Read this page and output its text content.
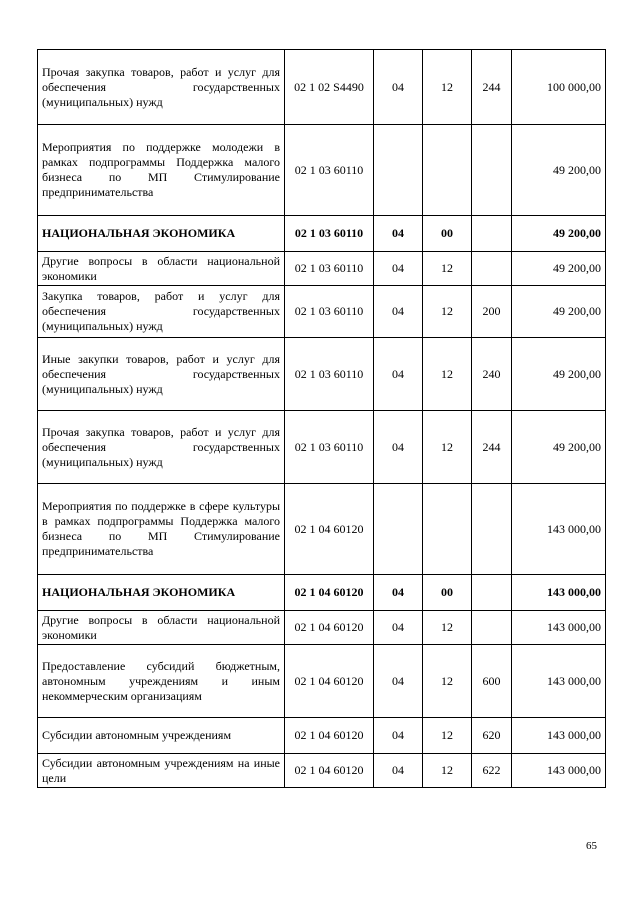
Прочая закупка товаров, работ и услуг для обеспечения государственных (муниципальных) нужд	02 1 02 S4490	04	12	244	100 000,00
Мероприятия по поддержке молодежи в рамках подпрограммы Поддержка малого бизнеса по МП Стимулирование предпринимательства	02 1 03 60110				49 200,00
НАЦИОНАЛЬНАЯ ЭКОНОМИКА	02 1 03 60110	04	00		49 200,00
Другие вопросы в области национальной экономики	02 1 03 60110	04	12		49 200,00
Закупка товаров, работ и услуг для обеспечения государственных (муниципальных) нужд	02 1 03 60110	04	12	200	49 200,00
Иные закупки товаров, работ и услуг для обеспечения государственных (муниципальных) нужд	02 1 03 60110	04	12	240	49 200,00
Прочая закупка товаров, работ и услуг для обеспечения государственных (муниципальных) нужд	02 1 03 60110	04	12	244	49 200,00
Мероприятия по поддержке в сфере культуры в рамках подпрограммы Поддержка малого бизнеса по МП Стимулирование предпринимательства	02 1 04 60120				143 000,00
НАЦИОНАЛЬНАЯ ЭКОНОМИКА	02 1 04 60120	04	00		143 000,00
Другие вопросы в области национальной экономики	02 1 04 60120	04	12		143 000,00
Предоставление субсидий бюджетным, автономным учреждениям и иным некоммерческим организациям	02 1 04 60120	04	12	600	143 000,00
Субсидии автономным учреждениям	02 1 04 60120	04	12	620	143 000,00
Субсидии автономным учреждениям на иные цели	02 1 04 60120	04	12	622	143 000,00
65
